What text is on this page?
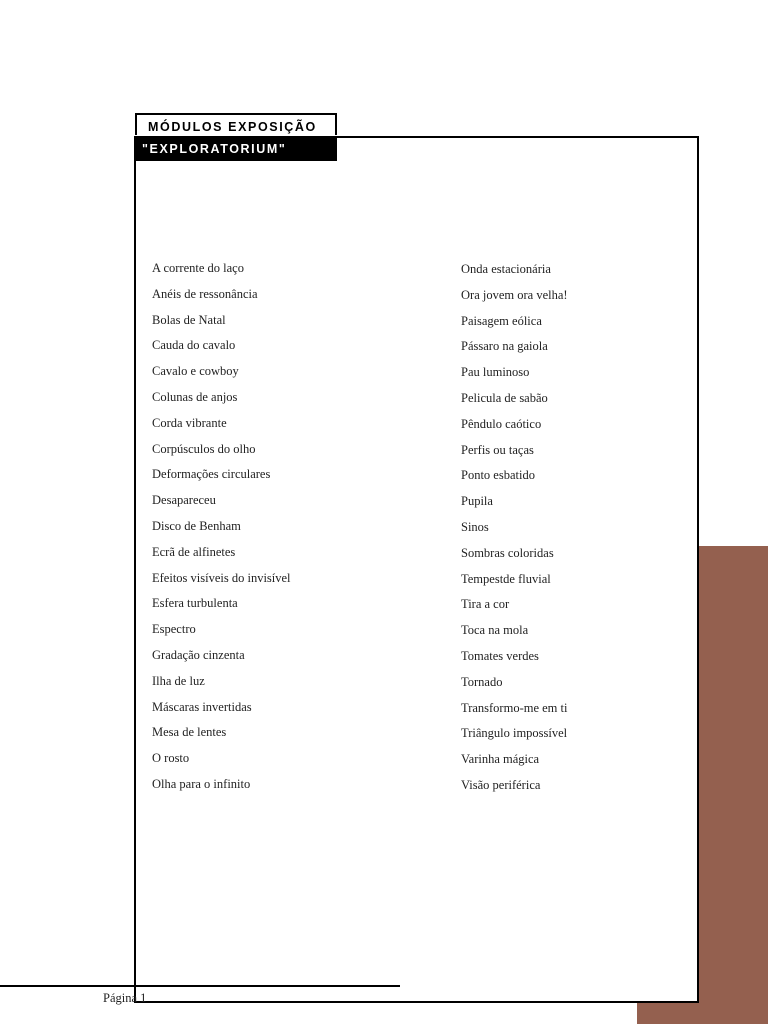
MÓDULOS EXPOSIÇÃO
"EXPLORATORIUM"
A corrente do laço
Anéis de ressonância
Bolas de Natal
Cauda do cavalo
Cavalo e cowboy
Colunas de anjos
Corda vibrante
Corpúsculos do olho
Deformações circulares
Desapareceu
Disco de Benham
Ecrã de alfinetes
Efeitos visíveis do invisível
Esfera turbulenta
Espectro
Gradação cinzenta
Ilha de luz
Máscaras invertidas
Mesa de lentes
O rosto
Olha para o infinito
Onda estacionária
Ora jovem ora velha!
Paisagem eólica
Pássaro na gaiola
Pau luminoso
Pelicula de sabão
Pêndulo caótico
Perfis ou taças
Ponto esbatido
Pupila
Sinos
Sombras coloridas
Tempestde fluvial
Tira a cor
Toca na mola
Tomates verdes
Tornado
Transformo-me em ti
Triângulo impossível
Varinha mágica
Visão periférica
Página 1
